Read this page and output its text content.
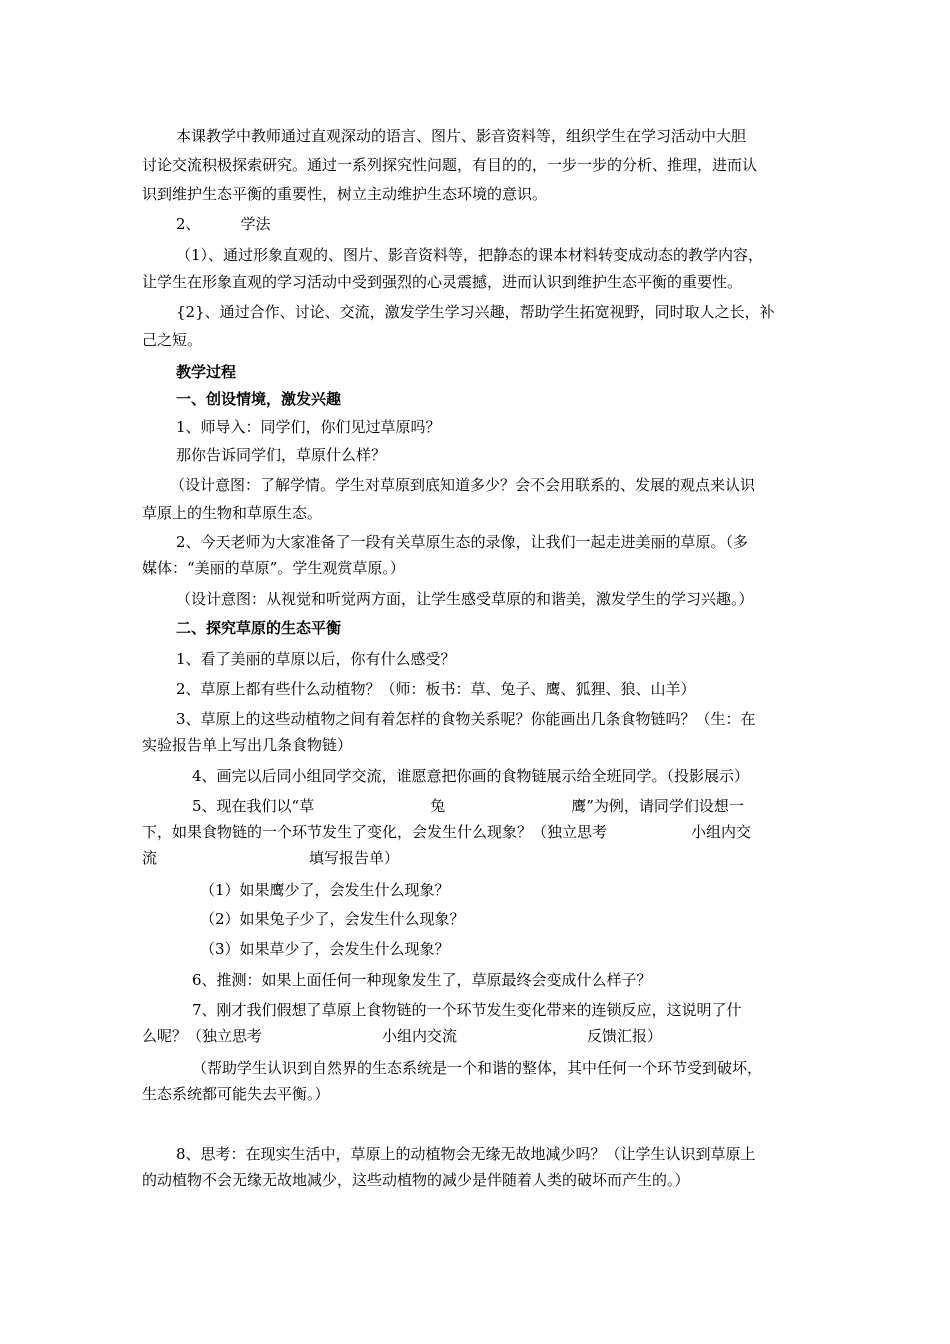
本课教学中教师通过直观深动的语言、图片、影音资料等，组织学生在学习活动中大胆
讨论交流积极探索研究。通过一系列探究性问题，有目的的，一步一步的分析、推理，进而认
识到维护生态平衡的重要性，树立主动维护生态环境的意识。
2、	学法
（1）、通过形象直观的、图片、影音资料等，把静态的课本材料转变成动态的教学内容，
让学生在形象直观的学习活动中受到强烈的心灵震撼，进而认识到维护生态平衡的重要性。
{2}、通过合作、讨论、交流，激发学生学习兴趣，帮助学生拓宽视野，同时取人之长，补
己之短。
教学过程
一、创设情境，激发兴趣
1、师导入：同学们，你们见过草原吗？
那你告诉同学们，草原什么样？
（设计意图：了解学情。学生对草原到底知道多少？会不会用联系的、发展的观点来认识
草原上的生物和草原生态。
2、今天老师为大家准备了一段有关草原生态的录像，让我们一起走进美丽的草原。（多
媒体：“美丽的草原”。学生观赏草原。）
（设计意图：从视觉和听觉两方面，让学生感受草原的和谐美，激发学生的学习兴趣。）
二、探究草原的生态平衡
1、看了美丽的草原以后，你有什么感受？
2、草原上都有些什么动植物？（师：板书：草、兔子、鹰、狐狸、狼、山羊）
3、草原上的这些动植物之间有着怎样的食物关系呢？你能画出几条食物链吗？（生：在
实验报告单上写出几条食物链）
4、画完以后同小组同学交流，谁愿意把你画的食物链展示给全班同学。（投影展示）
5、现在我们以“草	兔	鹰”为例，请同学们设想一
下，如果食物链的一个环节发生了变化，会发生什么现象？（独立思考	小组内交
流	填写报告单）
（1）如果鹰少了，会发生什么现象？
（2）如果兔子少了，会发生什么现象？
（3）如果草少了，会发生什么现象？
6、推测：如果上面任何一种现象发生了，草原最终会变成什么样子？
7、刚才我们假想了草原上食物链的一个环节发生变化带来的连锁反应，这说明了什
么呢？（独立思考	小组内交流	反馈汇报）
（帮助学生认识到自然界的生态系统是一个和谐的整体，其中任何一个环节受到破坏，
生态系统都可能失去平衡。）
8、思考：在现实生活中，草原上的动植物会无缘无故地减少吗？（让学生认识到草原上
的动植物不会无缘无故地减少，这些动植物的减少是伴随着人类的破坏而产生的。）
